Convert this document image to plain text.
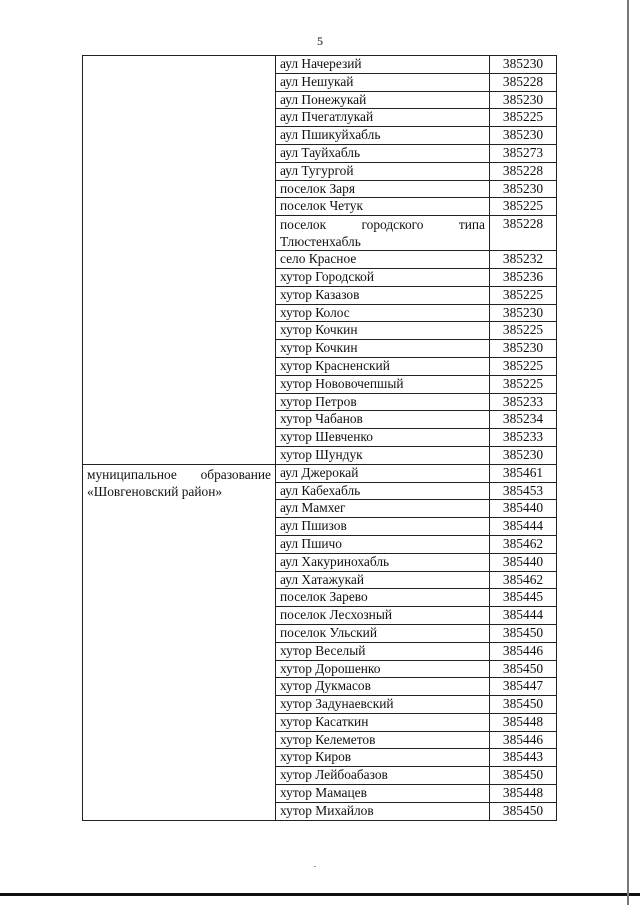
5
	аул Начерезий	385230
	аул Нешукай	385228
	аул Понежукай	385230
	аул Пчегатлукай	385225
	аул Пшикуйхабль	385230
	аул Тауйхабль	385273
	аул Тугургой	385228
	поселок Заря	385230
	поселок Четук	385225
	поселок городского типа Тлюстенхабль	385228
	село Красное	385232
	хутор Городской	385236
	хутор Казазов	385225
	хутор Колос	385230
	хутор Кочкин	385225
	хутор Кочкин	385230
	хутор Красненский	385225
	хутор Нововочепшый	385225
	хутор Петров	385233
	хутор Чабанов	385234
	хутор Шевченко	385233
	хутор Шундук	385230

муниципальное образование «Шовгеновский район»	аул Джерокай	385461
	аул Кабехабль	385453
	аул Мамхег	385440
	аул Пшизов	385444
	аул Пшичо	385462
	аул Хакуринохабль	385440
	аул Хатажукай	385462
	поселок Зарево	385445
	поселок Лесхозный	385444
	поселок Ульский	385450
	хутор Веселый	385446
	хутор Дорошенко	385450
	хутор Дукмасов	385447
	хутор Задунаевский	385450
	хутор Касаткин	385448
	хутор Келеметов	385446
	хутор Киров	385443
	хутор Лейбоабазов	385450
	хутор Мамацев	385448
	хутор Михайлов	385450
